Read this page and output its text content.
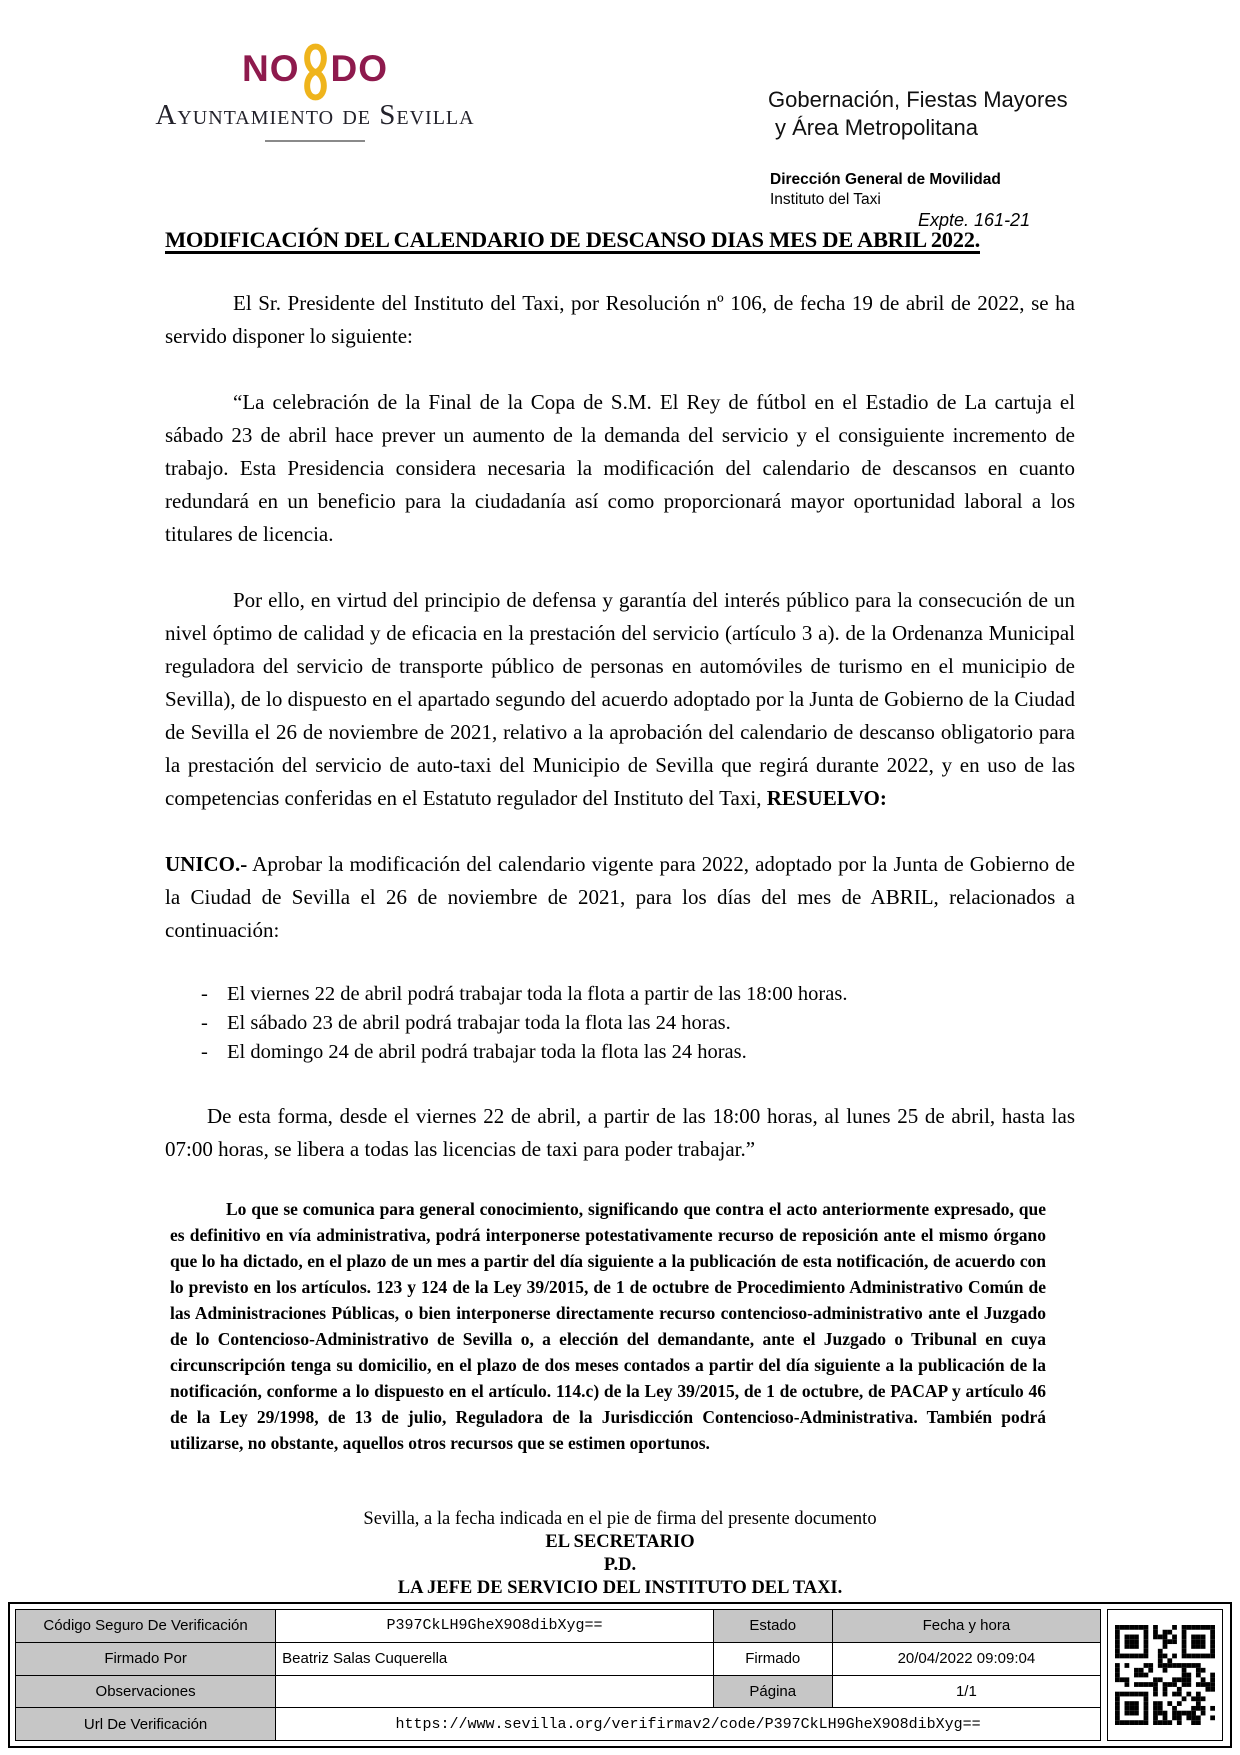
NO DO
Ayuntamiento de Sevilla	Gobernación, Fiestas Mayores
y Área Metropolitana
Dirección General de Movilidad
Instituto del Taxi
Expte. 161-21
MODIFICACIÓN DEL CALENDARIO DE DESCANSO DIAS MES DE ABRIL 2022.

El Sr. Presidente del Instituto del Taxi, por Resolución nº 106, de fecha 19 de abril de 2022, se ha servido disponer lo siguiente:

“La celebración de la Final de la Copa de S.M. El Rey de fútbol en el Estadio de La cartuja el sábado 23 de abril hace prever un aumento de la demanda del servicio y el consiguiente incremento de trabajo. Esta Presidencia considera necesaria la modificación del calendario de descansos en cuanto redundará en un beneficio para la ciudadanía así como proporcionará mayor oportunidad laboral a los titulares de licencia.

Por ello, en virtud del principio de defensa y garantía del interés público para la consecución de un nivel óptimo de calidad y de eficacia en la prestación del servicio (artículo 3 a). de la Ordenanza Municipal reguladora del servicio de transporte público de personas en automóviles de turismo en el municipio de Sevilla), de lo dispuesto en el apartado segundo del acuerdo adoptado por la Junta de Gobierno de la Ciudad de Sevilla el 26 de noviembre de 2021, relativo a la aprobación del calendario de descanso obligatorio para la prestación del servicio de auto-taxi del Municipio de Sevilla que regirá durante 2022, y en uso de las competencias conferidas en el Estatuto regulador del Instituto del Taxi, RESUELVO:

UNICO.- Aprobar la modificación del calendario vigente para 2022, adoptado por la Junta de Gobierno de la Ciudad de Sevilla el 26 de noviembre de 2021, para los días del mes de ABRIL, relacionados a continuación:

- El viernes 22 de abril podrá trabajar toda la flota a partir de las 18:00 horas.
- El sábado 23 de abril podrá trabajar toda la flota las 24 horas.
- El domingo 24 de abril podrá trabajar toda la flota las 24 horas.

De esta forma, desde el viernes 22 de abril, a partir de las 18:00 horas, al lunes 25 de abril, hasta las 07:00 horas, se libera a todas las licencias de taxi para poder trabajar.”

Lo que se comunica para general conocimiento, significando que contra el acto anteriormente expresado, que es definitivo en vía administrativa, podrá interponerse potestativamente recurso de reposición ante el mismo órgano que lo ha dictado, en el plazo de un mes a partir del día siguiente a la publicación de esta notificación, de acuerdo con lo previsto en los artículos. 123 y 124 de la Ley 39/2015, de 1 de octubre de Procedimiento Administrativo Común de las Administraciones Públicas, o bien interponerse directamente recurso contencioso-administrativo ante el Juzgado de lo Contencioso-Administrativo de Sevilla o, a elección del demandante, ante el Juzgado o Tribunal en cuya circunscripción tenga su domicilio, en el plazo de dos meses contados a partir del día siguiente a la publicación de la notificación, conforme a lo dispuesto en el artículo. 114.c) de la Ley 39/2015, de 1 de octubre, de PACAP y artículo 46 de la Ley 29/1998, de 13 de julio, Reguladora de la Jurisdicción Contencioso-Administrativa. También podrá utilizarse, no obstante, aquellos otros recursos que se estimen oportunos.

Sevilla, a la fecha indicada en el pie de firma del presente documento
EL SECRETARIO
P.D.
LA JEFE DE SERVICIO DEL INSTITUTO DEL TAXI.
Código Seguro De Verificación	P397CkLH9GheX9O8dibXyg==	Estado	Fecha y hora
Firmado Por	Beatriz Salas Cuquerella	Firmado	20/04/2022 09:09:04
Observaciones		Página	1/1
Url De Verificación	https://www.sevilla.org/verifirmav2/code/P397CkLH9GheX9O8dibXyg==		
